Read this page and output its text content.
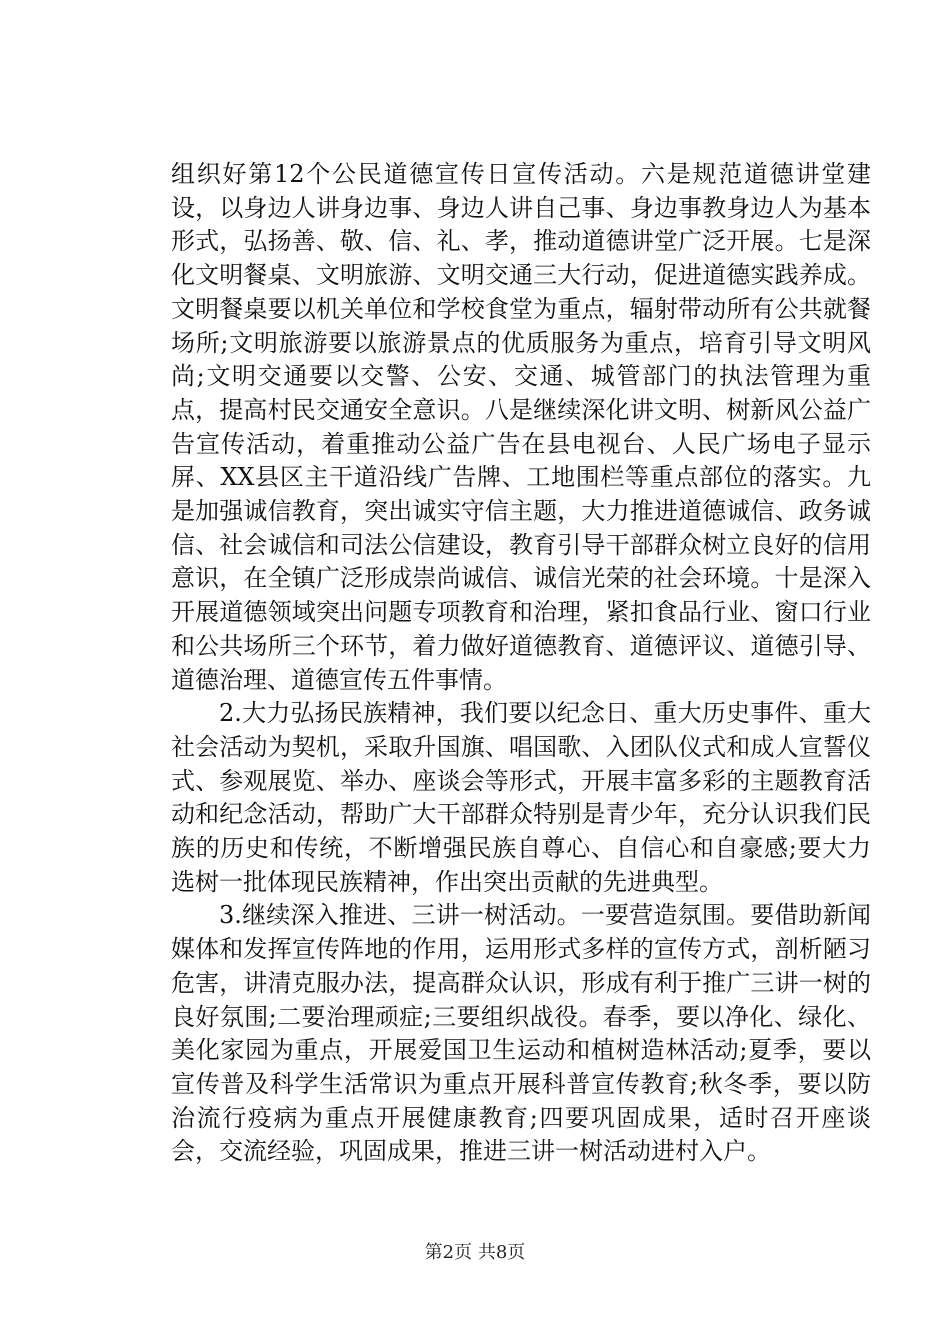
组织好第12个公民道德宣传日宣传活动。六是规范道德讲堂建设，以身边人讲身边事、身边人讲自己事、身边事教身边人为基本形式，弘扬善、敬、信、礼、孝，推动道德讲堂广泛开展。七是深化文明餐桌、文明旅游、文明交通三大行动，促进道德实践养成。文明餐桌要以机关单位和学校食堂为重点，辐射带动所有公共就餐场所;文明旅游要以旅游景点的优质服务为重点，培育引导文明风尚;文明交通要以交警、公安、交通、城管部门的执法管理为重点，提高村民交通安全意识。八是继续深化讲文明、树新风公益广告宣传活动，着重推动公益广告在县电视台、人民广场电子显示屏、XX县区主干道沿线广告牌、工地围栏等重点部位的落实。九是加强诚信教育，突出诚实守信主题，大力推进道德诚信、政务诚信、社会诚信和司法公信建设，教育引导干部群众树立良好的信用意识，在全镇广泛形成崇尚诚信、诚信光荣的社会环境。十是深入开展道德领域突出问题专项教育和治理，紧扣食品行业、窗口行业和公共场所三个环节，着力做好道德教育、道德评议、道德引导、道德治理、道德宣传五件事情。

2.大力弘扬民族精神，我们要以纪念日、重大历史事件、重大社会活动为契机，采取升国旗、唱国歌、入团队仪式和成人宣誓仪式、参观展览、举办、座谈会等形式，开展丰富多彩的主题教育活动和纪念活动，帮助广大干部群众特别是青少年，充分认识我们民族的历史和传统，不断增强民族自尊心、自信心和自豪感;要大力选树一批体现民族精神，作出突出贡献的先进典型。

3.继续深入推进、三讲一树活动。一要营造氛围。要借助新闻媒体和发挥宣传阵地的作用，运用形式多样的宣传方式，剖析陋习危害，讲清克服办法，提高群众认识，形成有利于推广三讲一树的良好氛围;二要治理顽症;三要组织战役。春季，要以净化、绿化、美化家园为重点，开展爱国卫生运动和植树造林活动;夏季，要以宣传普及科学生活常识为重点开展科普宣传教育;秋冬季，要以防治流行疫病为重点开展健康教育;四要巩固成果，适时召开座谈会，交流经验，巩固成果，推进三讲一树活动进村入户。

第2页 共8页
